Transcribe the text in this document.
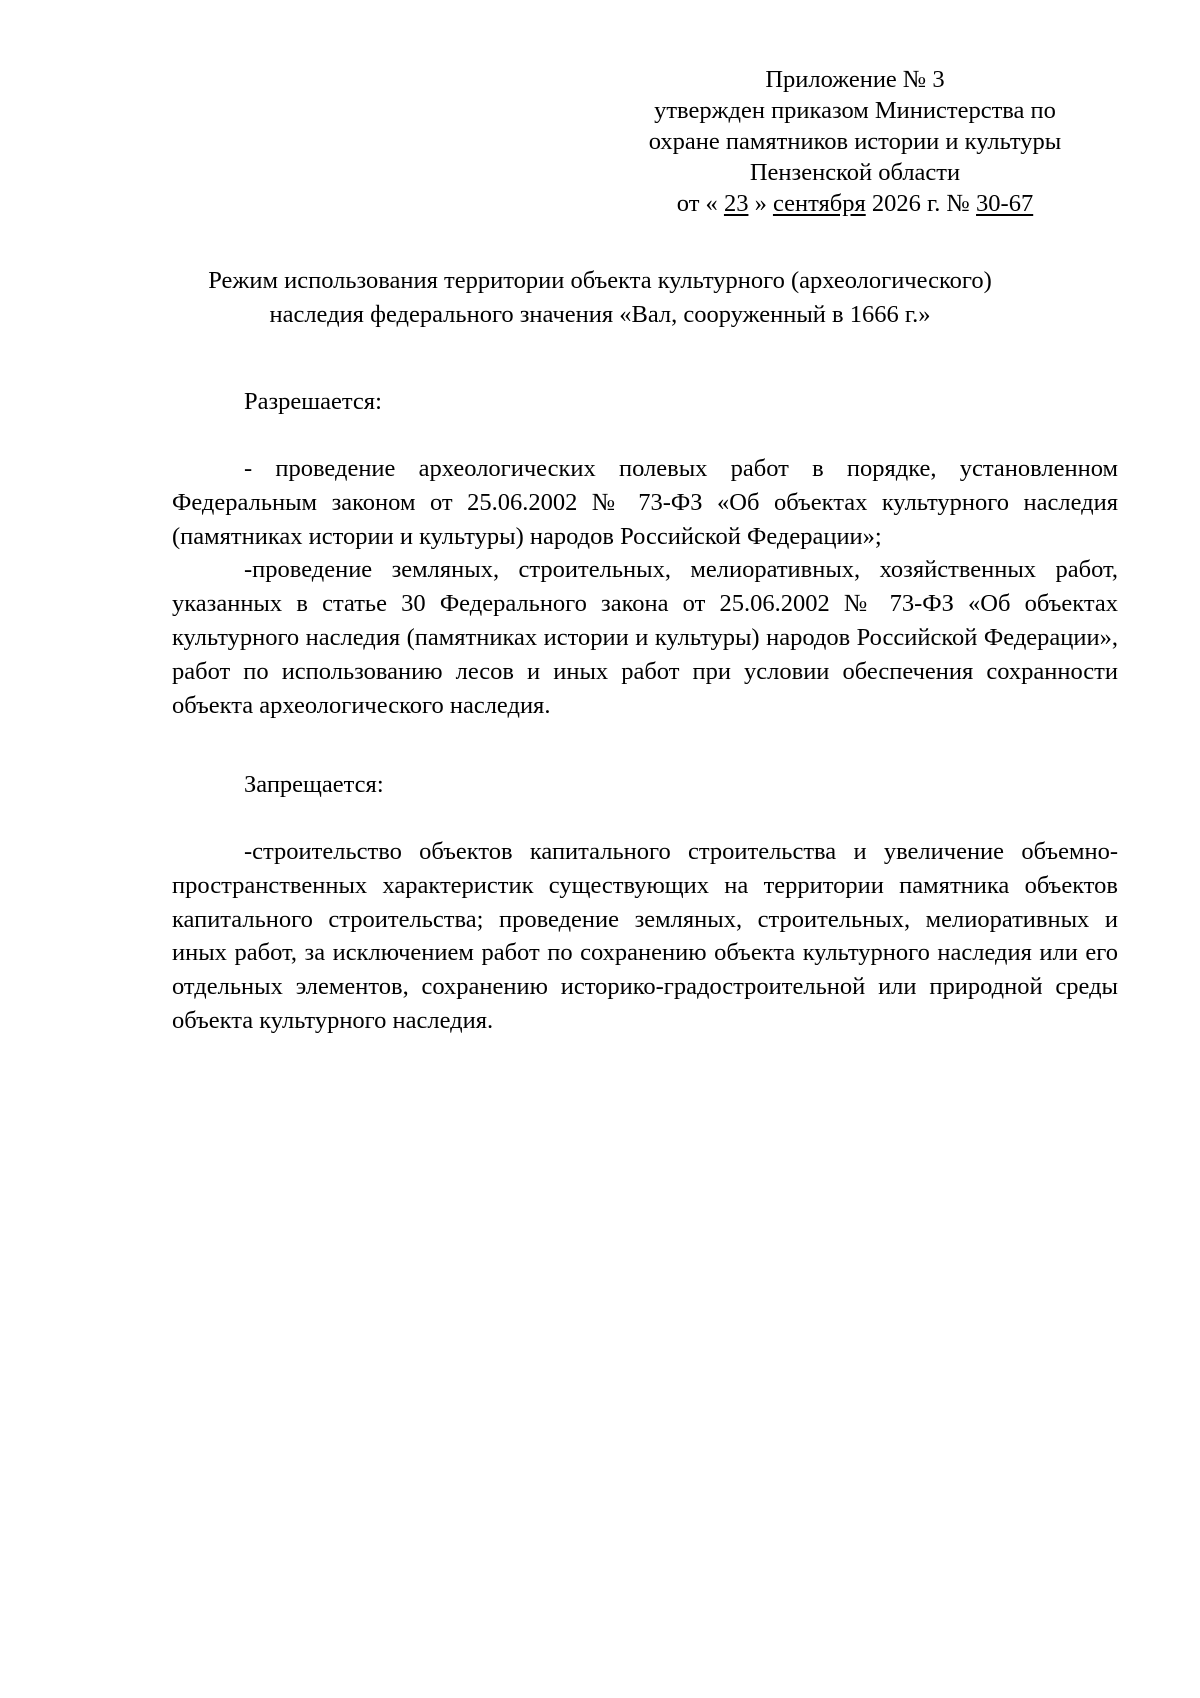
Приложение № 3
утвержден приказом Министерства по
охране памятников истории и культуры
Пензенской области
от « 23 » сентября 2026 г. № 30-67
Режим использования территории объекта культурного (археологического)
наследия федерального значения «Вал, сооруженный в 1666 г.»
Разрешается:

- проведение археологических полевых работ в порядке, установленном Федеральным законом от 25.06.2002 № 73-ФЗ «Об объектах культурного наследия (памятниках истории и культуры) народов Российской Федерации»;

-проведение земляных, строительных, мелиоративных, хозяйственных работ, указанных в статье 30 Федерального закона от 25.06.2002 № 73-ФЗ «Об объектах культурного наследия (памятниках истории и культуры) народов Российской Федерации», работ по использованию лесов и иных работ при условии обеспечения сохранности объекта археологического наследия.

Запрещается:

-строительство объектов капитального строительства и увеличение объемно-пространственных характеристик существующих на территории памятника объектов капитального строительства; проведение земляных, строительных, мелиоративных и иных работ, за исключением работ по сохранению объекта культурного наследия или его отдельных элементов, сохранению историко-градостроительной или природной среды объекта культурного наследия.
